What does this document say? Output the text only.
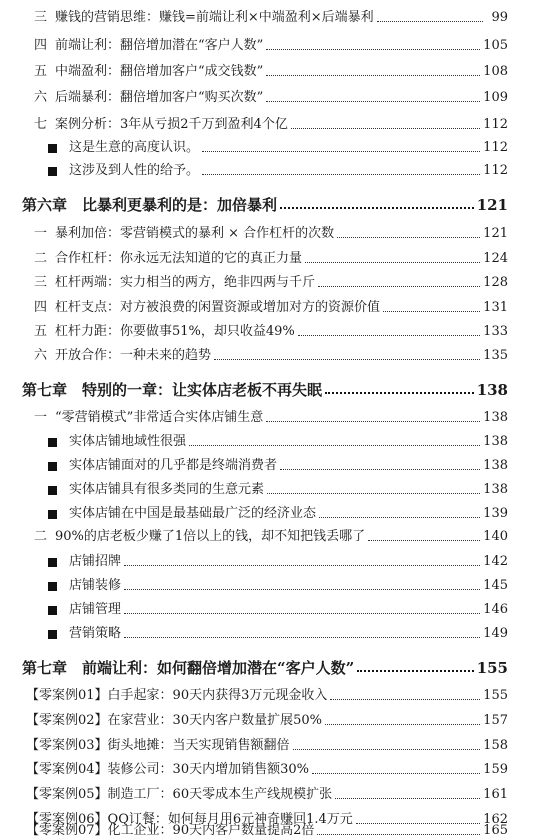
三 赚钱的营销思维：赚钱=前端让利×中端盈利×后端暴利	99
四 前端让利：翻倍增加潜在“客户人数”	105
五 中端盈利：翻倍增加客户“成交钱数”	108
六 后端暴利：翻倍增加客户“购买次数”	109
七 案例分析：3年从亏损2千万到盈利4个亿	112
这是生意的高度认识。	112
这涉及到人性的给予。	112
第六章　比暴利更暴利的是：加倍暴利	121
一 暴利加倍：零营销模式的暴利 × 合作杠杆的次数	121
二 合作杠杆：你永远无法知道的它的真正力量	124
三 杠杆两端：实力相当的两方，绝非四两与千斤	128
四 杠杆支点：对方被浪费的闲置资源或增加对方的资源价值	131
五 杠杆力距：你要做事51%，却只收益49%	133
六 开放合作：一种未来的趋势	135
第七章　特别的一章：让实体店老板不再失眠	138
一 “零营销模式”非常适合实体店铺生意	138
实体店铺地域性很强	138
实体店铺面对的几乎都是终端消费者	138
实体店铺具有很多类同的生意元素	138
实体店铺在中国是最基础最广泛的经济业态	139
二 90%的店老板少赚了1倍以上的钱，却不知把钱丢哪了	140
店铺招牌	142
店铺装修	145
店铺管理	146
营销策略	149
第七章　前端让利：如何翻倍增加潜在“客户人数”	155
【零案例01】白手起家：90天内获得3万元现金收入	155
【零案例02】在家营业：30天内客户数量扩展50%	157
【零案例03】街头地摊：当天实现销售额翻倍	158
【零案例04】装修公司：30天内增加销售额30%	159
【零案例05】制造工厂：60天零成本生产线规模扩张	161
【零案例06】QQ订餐：如何每月用6元神奇赚回1.4万元	162
【零案例07】化工企业：90天内客户数量提高2倍	165
